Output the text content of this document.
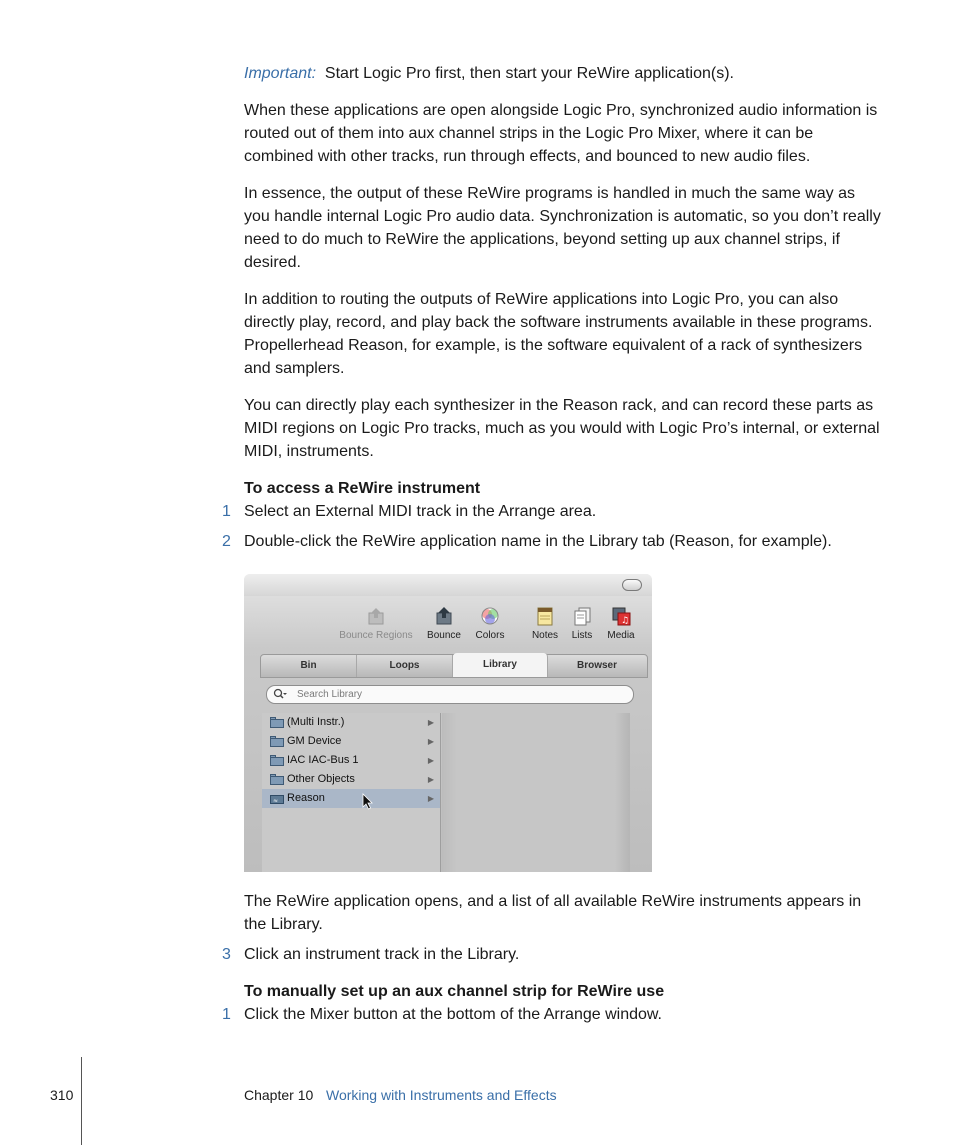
Important: Start Logic Pro first, then start your ReWire application(s).

When these applications are open alongside Logic Pro, synchronized audio information is routed out of them into aux channel strips in the Logic Pro Mixer, where it can be combined with other tracks, run through effects, and bounced to new audio files.

In essence, the output of these ReWire programs is handled in much the same way as you handle internal Logic Pro audio data. Synchronization is automatic, so you don’t really need to do much to ReWire the applications, beyond setting up aux channel strips, if desired.

In addition to routing the outputs of ReWire applications into Logic Pro, you can also directly play, record, and play back the software instruments available in these programs. Propellerhead Reason, for example, is the software equivalent of a rack of synthesizers and samplers.

You can directly play each synthesizer in the Reason rack, and can record these parts as MIDI regions on Logic Pro tracks, much as you would with Logic Pro’s internal, or external MIDI, instruments.

To access a ReWire instrument

1 Select an External MIDI track in the Arrange area.
2 Double-click the ReWire application name in the Library tab (Reason, for example).
Bounce Regions	Bounce	Colors	Notes	Lists
♫
Media
Bin	Loops	Library	Browser
Search Library
(Multi Instr.)	▶
GM Device	▶
IAC IAC-Bus 1	▶
Other Objects	▶
≈ Reason	▶

The ReWire application opens, and a list of all available ReWire instruments appears in the Library.

3 Click an instrument track in the Library.

To manually set up an aux channel strip for ReWire use

1 Click the Mixer button at the bottom of the Arrange window.
310	Chapter 10 Working with Instruments and Effects
